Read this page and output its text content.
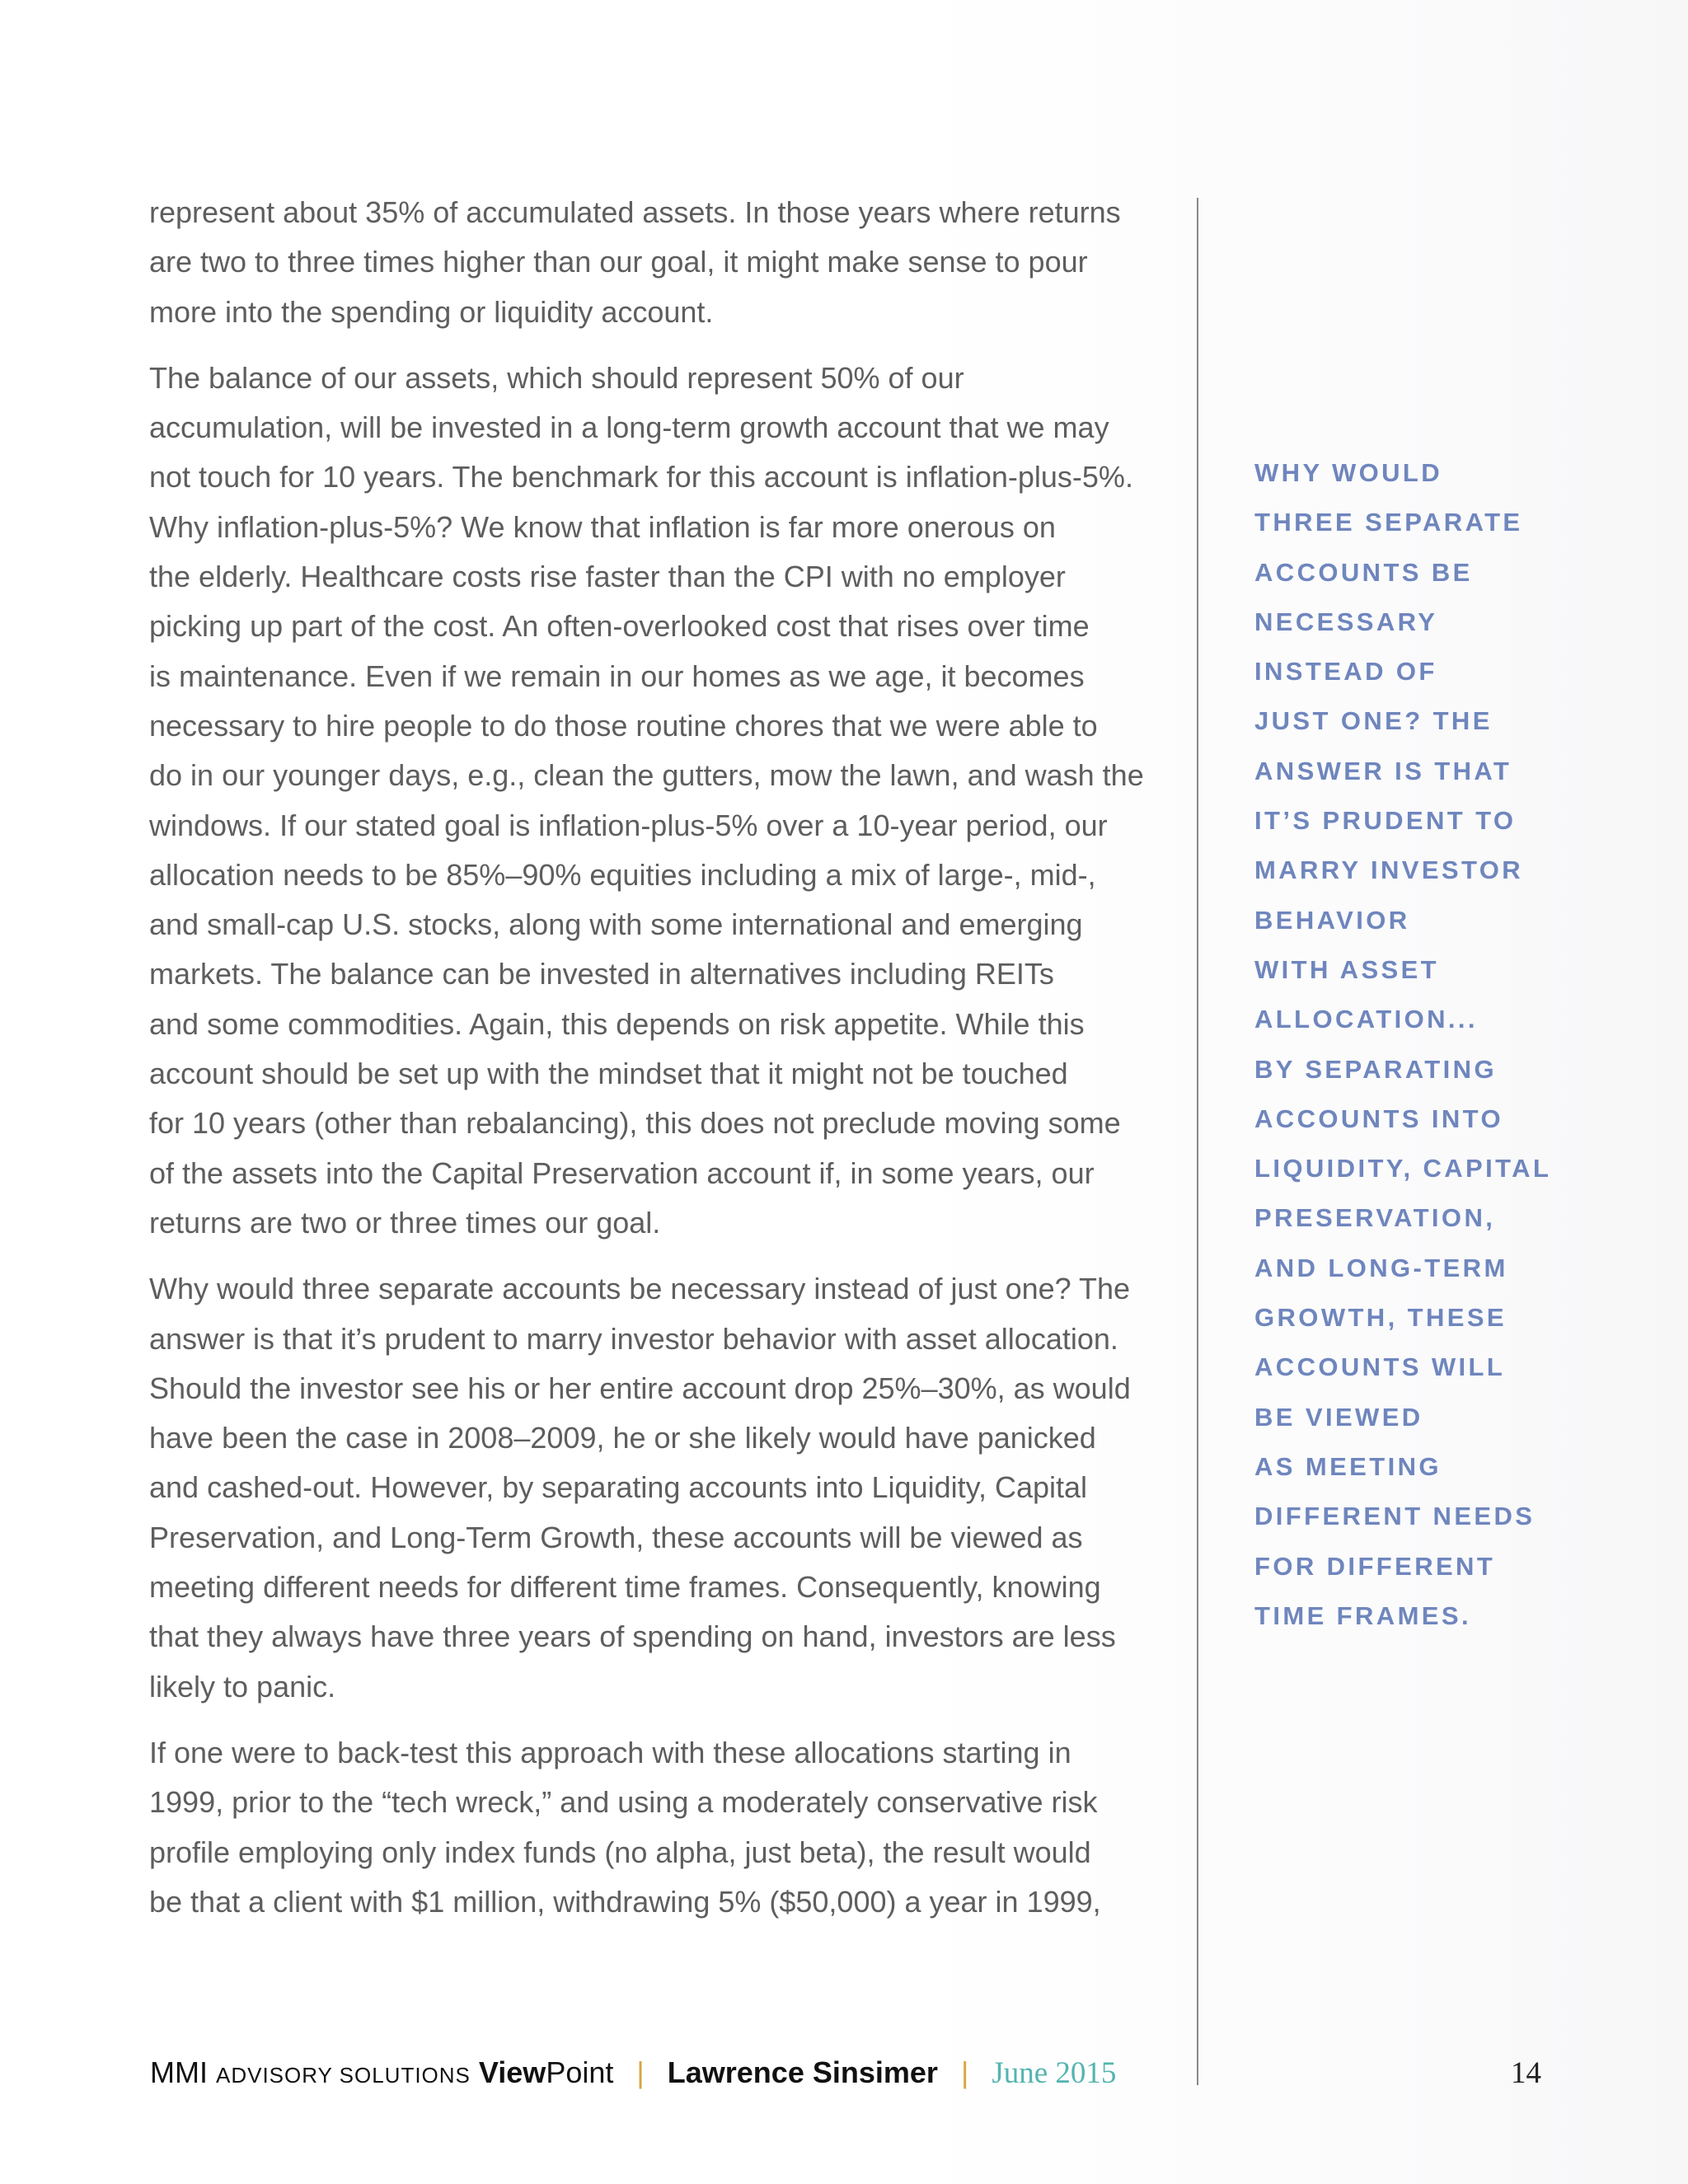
represent about 35% of accumulated assets. In those years where returns
are two to three times higher than our goal, it might make sense to pour
more into the spending or liquidity account.

The balance of our assets, which should represent 50% of our
accumulation, will be invested in a long-term growth account that we may
not touch for 10 years. The benchmark for this account is inflation-plus-5%.
Why inflation-plus-5%? We know that inflation is far more onerous on
the elderly. Healthcare costs rise faster than the CPI with no employer
picking up part of the cost. An often-overlooked cost that rises over time
is maintenance. Even if we remain in our homes as we age, it becomes
necessary to hire people to do those routine chores that we were able to
do in our younger days, e.g., clean the gutters, mow the lawn, and wash the
windows. If our stated goal is inflation-plus-5% over a 10-year period, our
allocation needs to be 85%–90% equities including a mix of large-, mid-,
and small-cap U.S. stocks, along with some international and emerging
markets. The balance can be invested in alternatives including REITs
and some commodities. Again, this depends on risk appetite. While this
account should be set up with the mindset that it might not be touched
for 10 years (other than rebalancing), this does not preclude moving some
of the assets into the Capital Preservation account if, in some years, our
returns are two or three times our goal.

Why would three separate accounts be necessary instead of just one? The
answer is that it’s prudent to marry investor behavior with asset allocation.
Should the investor see his or her entire account drop 25%–30%, as would
have been the case in 2008–2009, he or she likely would have panicked
and cashed-out. However, by separating accounts into Liquidity, Capital
Preservation, and Long-Term Growth, these accounts will be viewed as
meeting different needs for different time frames. Consequently, knowing
that they always have three years of spending on hand, investors are less
likely to panic.

If one were to back-test this approach with these allocations starting in
1999, prior to the “tech wreck,” and using a moderately conservative risk
profile employing only index funds (no alpha, just beta), the result would
be that a client with $1 million, withdrawing 5% ($50,000) a year in 1999,

WHY WOULD
THREE SEPARATE
ACCOUNTS BE
NECESSARY
INSTEAD OF
JUST ONE? THE
ANSWER IS THAT
IT’S PRUDENT TO
MARRY INVESTOR
BEHAVIOR
WITH ASSET
ALLOCATION...
BY SEPARATING
ACCOUNTS INTO
LIQUIDITY, CAPITAL
PRESERVATION,
AND LONG-TERM
GROWTH, THESE
ACCOUNTS WILL
BE VIEWED
AS MEETING
DIFFERENT NEEDS
FOR DIFFERENT
TIME FRAMES.
MMI ADVISORY SOLUTIONS ViewPoint | Lawrence Sinsimer | June 2015	14
